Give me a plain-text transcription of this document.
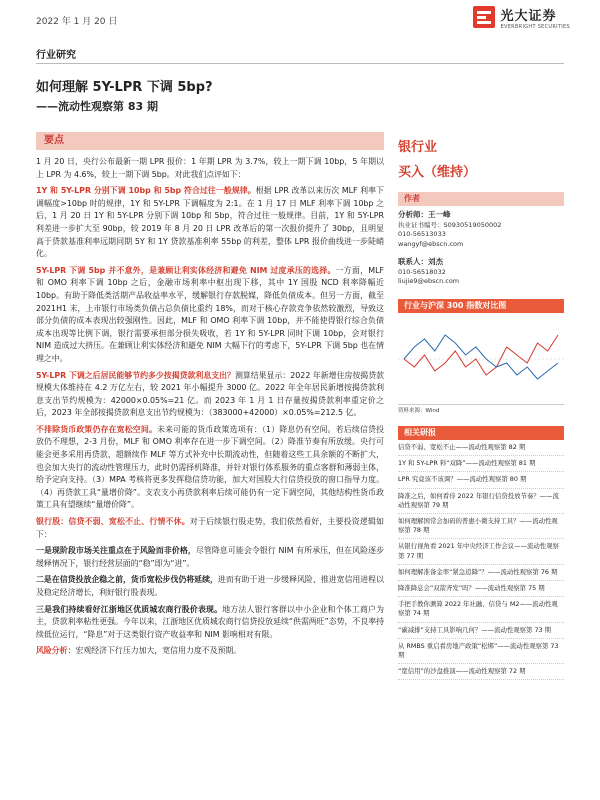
2022 年 1 月 20 日	光大证券
EVERBRIGHT SECURITIES
行业研究
如何理解 5Y-LPR 下调 5bp?
——流动性观察第 83 期
要点

1 月 20 日，央行公布最新一期 LPR 报价：1 年期 LPR 为 3.7%，较上一期下调 10bp，5 年期以上 LPR 为 4.6%，较上一期下调 5bp。对此我们点评如下：

1Y 和 5Y-LPR 分别下调 10bp 和 5bp 符合过往一般规律。根据 LPR 改革以来历次 MLF 利率下调幅度>10bp 时的规律，1Y 和 5Y-LPR 下调幅度为 2:1。在 1 月 17 日 MLF 利率下调 10bp 之后，1 月 20 日 1Y 和 5Y-LPR 分别下调 10bp 和 5bp，符合过往一般规律。目前，1Y 和 5Y-LPR 利差进一步扩大至 90bp，较 2019 年 8 月 20 日 LPR 改革后的第一次报价提升了 30bp，且明显高于贷款基准利率远期同期 5Y 和 1Y 贷款基准利率 55bp 的利差，整体 LPR 报价曲线进一步陡峭化。

5Y-LPR 下调 5bp 并不意外，是兼顾让利实体经济和避免 NIM 过度承压的选择。一方面，MLF 和 OMO 利率下调 10bp 之后，金融市场利率中枢出现下移，其中 1Y 国股 NCD 利率降幅近 10bp。有助于降低类活期产品收益率水平，缓解银行存款脱媒，降低负债成本。但另一方面，截至 2021H1 末，上市银行市场类负债占总负债比重约 18%，而对于核心存款竞争依然较激烈，导致这部分负债的成本表现出较强刚性。因此，MLF 和 OMO 利率下调 10bp，并不能使得银行综合负债成本出现等比例下调，银行需要承担部分损失吸收，若 1Y 和 5Y-LPR 同时下调 10bp，会对银行 NIM 造成过大挤压。在兼顾让利实体经济和避免 NIM 大幅下行的考虑下，5Y-LPR 下调 5bp 也在情理之中。

5Y-LPR 下调之后居民能够节约多少按揭贷款利息支出？测算结果显示：2022 年新增住房按揭贷款规模大体维持在 4.2 万亿左右，较 2021 年小幅提升 3000 亿。2022 年全年居民新增按揭贷款利息支出节约规模为：42000×0.05%=21 亿。而 2023 年 1 月 1 日存量按揭贷款利率重定价之后，2023 年全部按揭贷款利息支出节约规模为：（383000+42000）×0.05%=212.5 亿。

不排除货币政策仍存在宽松空间。未来可能的货币政策选项有：（1）降息仍有空间。若后续信贷投放仍不理想，2-3 月份，MLF 和 OMO 利率存在进一步下调空间。（2）降准节奏有所放缓。央行可能会更多采用再贷款、超额续作 MLF 等方式补充中长期流动性，但随着这些工具余额的不断扩大，也会加大央行的流动性管理压力，此时仍需择机降准，并针对银行体系服务的重点客群和薄弱主体，给予定向支持。（3）MPA 考核将更多发挥稳信贷功能，加大对国股大行信贷投放的窗口指导力度。（4）再贷款工具“量增价降”。支农支小再贷款利率后续可能仍有一定下调空间，其他结构性货币政策工具有望继续“量增价降”。

银行股：信贷不弱、宽松不止、行情不休。对于后续银行股走势，我们依然看好，主要投资逻辑如下：

一是现阶段市场关注重点在于风险而非价格，尽管降息可能会令银行 NIM 有所承压，但在风险逐步缓释情况下，银行经营层面的“稳”即为“进”。

二是在信贷投放企稳之前，货币宽松步伐仍将延续，进而有助于进一步缓释风险、推进宽信用进程以及稳定经济增长，利好银行股表现。

三是我们持续看好江浙地区优质城农商行股价表现。地方法人银行客群以中小企业和个体工商户为主，贷款利率粘性更强。今年以来，江浙地区优质城农商行信贷投放延续“供需两旺”态势，不良率持续低位运行，“降息”对于这类银行资产收益率和 NIM 影响相对有限。

风险分析：宏观经济下行压力加大，宽信用力度不及预期。

银行业
买入（维持）
作者
分析师：王一峰
执业证书编号：S0930519050002
010-56513033
wangyf@ebscn.com
联系人：刘杰
010-56518032
liujie9@ebscn.com
行业与沪深 300 指数对比图
资料来源：Wind
相关研报
信贷不弱、宽松不止——流动性观察第 82 期
1Y 和 5Y-LPR 料“双降”——流动性观察第 81 期
LPR 究竟该不该调？——流动性观察第 80 期
降准之后，如何看待 2022 年银行信贷投放节奏？——流动性观察第 79 期
如何理解国常会加码的普惠小微支持工具？——流动性观察第 78 期
从银行视角看 2021 年中央经济工作会议——流动性观察第 77 期
如何理解准备金率“紧急追降”？——流动性观察第 76 期
降准降息会“双箭齐发”吗？——流动性观察第 75 期
手把手教你测算 2022 年社融、信贷与 M2——流动性观察第 74 期
“碳减排”支持工具影响几何？——流动性观察第 73 期
从 RMBS 重启看房地产政策“松绑”——流动性观察第 73 期
“宽信用”的沙盘推演——流动性观察第 72 期
